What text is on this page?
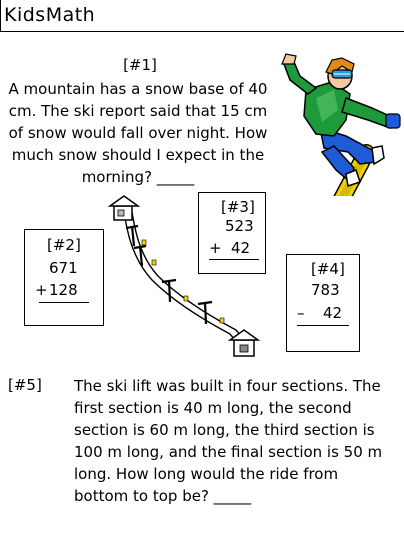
KidsMath
[#1]
A mountain has a snow base of 40
cm. The ski report said that 15 cm
of snow would fall over night. How
much snow should I expect in the
morning? _____
[#3]
523
+ 42
[#2]
671
+ 128
[#4]
783
– 42
[#5] The ski lift was built in four sections. The
first section is 40 m long, the second
section is 60 m long, the third section is
100 m long, and the final section is 50 m
long. How long would the ride from
bottom to top be? _____
